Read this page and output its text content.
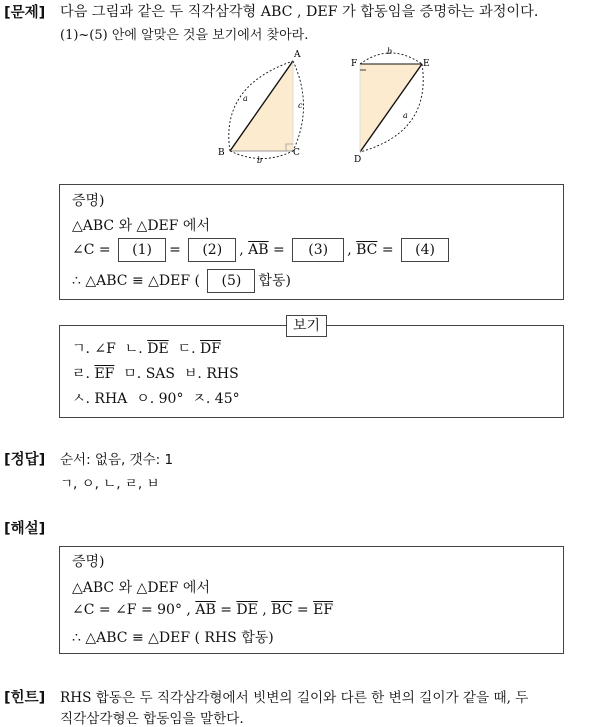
[문제] 다음 그림과 같은 두 직각삼각형 ABC , DEF 가 합동임을 증명하는 과정이다.
(1)~(5) 안에 알맞은 것을 보기에서 찾아라.
A
B	C
a
c
b
F	E
D
b
a
증명)
△ABC 와 △DEF 에서
∠C = (1) = (2) , $\overline{AB} = (3)$ , $\overline{BC} = (4)$
∴ △ABC ≡ △DEF ( (5) 합동)
보기
ㄱ. ∠F ㄴ. $\overline{DE}$ ㄷ. $\overline{DF}$
ㄹ. $\overline{EF}$ ㅁ. SAS ㅂ. RHS
ㅅ. RHA ㅇ. 90° ㅈ. 45°
[정답] 순서: 없음, 갯수: 1
ㄱ, ㅇ, ㄴ, ㄹ, ㅂ
[해설]
증명)
△ABC 와 △DEF 에서
∠C = ∠F = 90° , $\overline{AB} = \overline{DE}$ , $\overline{BC} = \overline{EF}$
∴ △ABC ≡ △DEF ( RHS 합동)
[힌트] RHS 합동은 두 직각삼각형에서 빗변의 길이와 다른 한 변의 길이가 같을 때, 두
직각삼각형은 합동임을 말한다.
